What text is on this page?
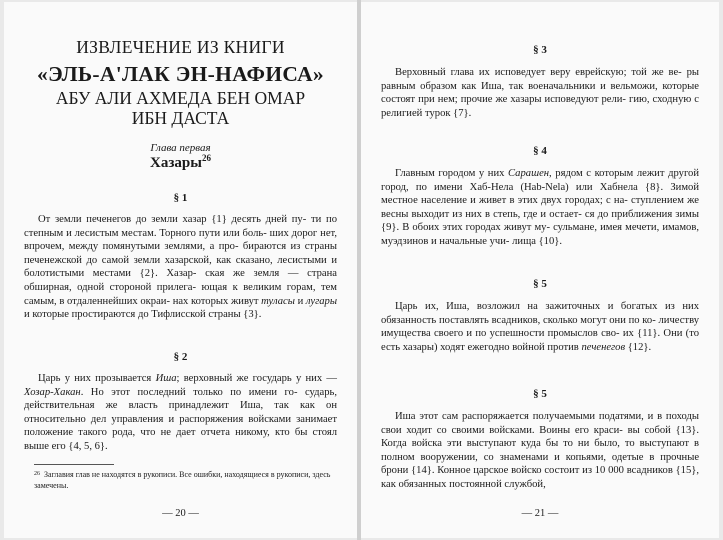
ИЗВЛЕЧЕНИЕ ИЗ КНИГИ
«ЭЛЬ-А'ЛАК ЭН-НАФИСА»
АБУ АЛИ АХМЕДА БЕН ОМАР
ИБН ДАСТА
Глава первая
Хазары$^{26}$
§ 1

От земли печенегов до земли хазар {1} десять дней пу- ти по степным и лесистым местам. Торного пути или боль- ших дорог нет, впрочем, между помянутыми землями, а про- бираются из страны печенежской до самой земли хазарской, как сказано, лесистыми и болотистыми местами {2}. Хазар- ская же земля — страна обширная, одной стороной прилега- ющая к великим горам, тем самым, в отдаленнейших окраи- нах которых живут туласы и лугары и которые простираются до Тифлисской страны {3}.

§ 2

Царь у них прозывается Иша; верховный же государь у них — Хозар-Хакан. Но этот последний только по имени го- сударь, действительная же власть принадлежит Иша, так как он относительно дел управления и распоряжения войсками занимает положение такого рода, что не дает отчета никому, кто бы стоял выше его {4, 5, 6}.

$^{26}$ Заглавия глав не находятся в рукописи. Все ошибки, находящиеся в рукописи, здесь замечены.
— 20 —
§ 3

Верховный глава их исповедует веру еврейскую; той же ве- ры равным образом как Иша, так военачальники и вельможи, которые состоят при нем; прочие же хазары исповедуют рели- гию, сходную с религией турок {7}.

§ 4

Главным городом у них Сарашен, рядом с которым лежит другой город, по имени Хаб-Нела (Hab-Nela) или Хабнела {8}. Зимой местное население и живет в этих двух городах; с на- ступлением же весны выходит из них в степь, где и остает- ся до приближения зимы {9}. В обоих этих городах живут му- сульмане, имея мечети, имамов, муэдзинов и начальные учи- лища {10}.

§ 5

Царь их, Иша, возложил на зажиточных и богатых из них обязанность поставлять всадников, сколько могут они по ко- личеству имущества своего и по успешности промыслов сво- их {11}. Они (то есть хазары) ходят ежегодно войной против печенегов {12}.

§ 5

Иша этот сам распоряжается получаемыми податями, и в походы свои ходит со своими войсками. Воины его краси- вы собой {13}. Когда войска эти выступают куда бы то ни было, то выступают в полном вооружении, со знаменами и копьями, одетые в прочные брони {14}. Конное царское войско состоит из 10 000 всадников {15}, как обязанных постоянной службой,

— 21 —
